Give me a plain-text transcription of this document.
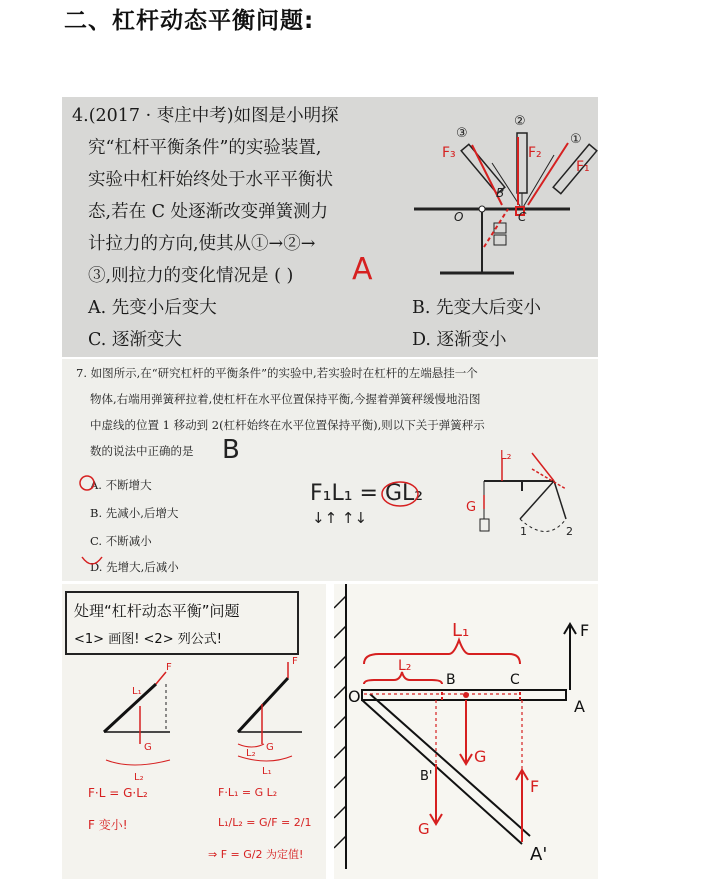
二、杠杆动态平衡问题:
4.(2017 · 枣庄中考)如图是小明探
究“杠杆平衡条件”的实验装置,
实验中杠杆始终处于水平平衡状
态,若在 C 处逐渐改变弹簧测力
计拉力的方向,使其从①→②→
③,则拉力的变化情况是 ( ) A
A. 先变小后变大	B. 先变大后变小
C. 逐渐变大	D. 逐渐变小
F₃	F₂
F₁
③
②
①
B
O	C
7. 如图所示,在“研究杠杆的平衡条件”的实验中,若实验时在杠杆的左端悬挂一个
物体,右端用弹簧秤拉着,使杠杆在水平位置保持平衡,今握着弹簧秤缓慢地沿图
中虚线的位置 1 移动到 2(杠杆始终在水平位置保持平衡),则以下关于弹簧秤示
数的说法中正确的是 B
A. 不断增大
B. 先减小,后增大
C. 不断减小
D. 先增大,后减小
F₁L₁ = GL₂
↓↑ ↑↓
L₂
G
1	2
F
L₁
G
L₂
F
G
L₂
L₁
处理“杠杆动态平衡”问题
<1> 画图! <2> 列公式!
F·L = G·L₂
F 变小!
F·L₁ = G L₂
L₁/L₂ = G/F = 2/1
⇒ F = G/2 为定值!
L₁
L₂
O
B	C
A
F
G
B'
G
F
A'
